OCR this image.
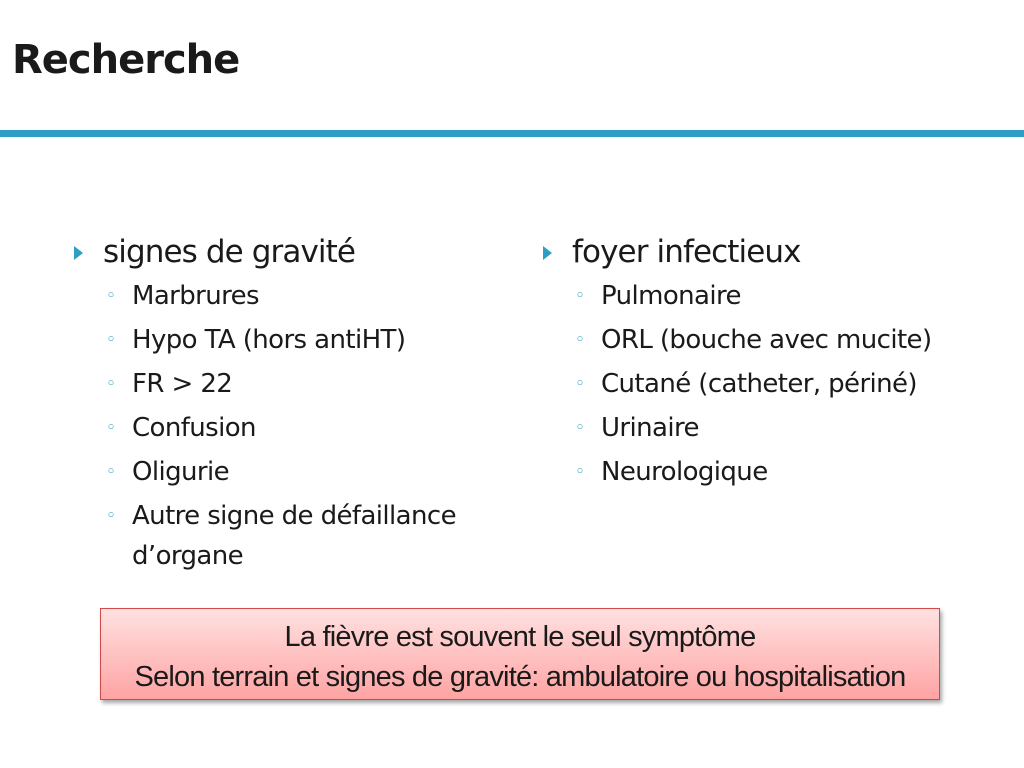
Recherche
signes de gravité
◦ Marbrures
◦ Hypo TA (hors antiHT)
◦ FR > 22
◦ Confusion
◦ Oligurie
◦ Autre signe de défaillance d’organe
foyer infectieux
◦ Pulmonaire
◦ ORL (bouche avec mucite)
◦ Cutané (catheter, périné)
◦ Urinaire
◦ Neurologique
La fièvre est souvent le seul symptôme
Selon terrain et signes de gravité: ambulatoire ou hospitalisation
